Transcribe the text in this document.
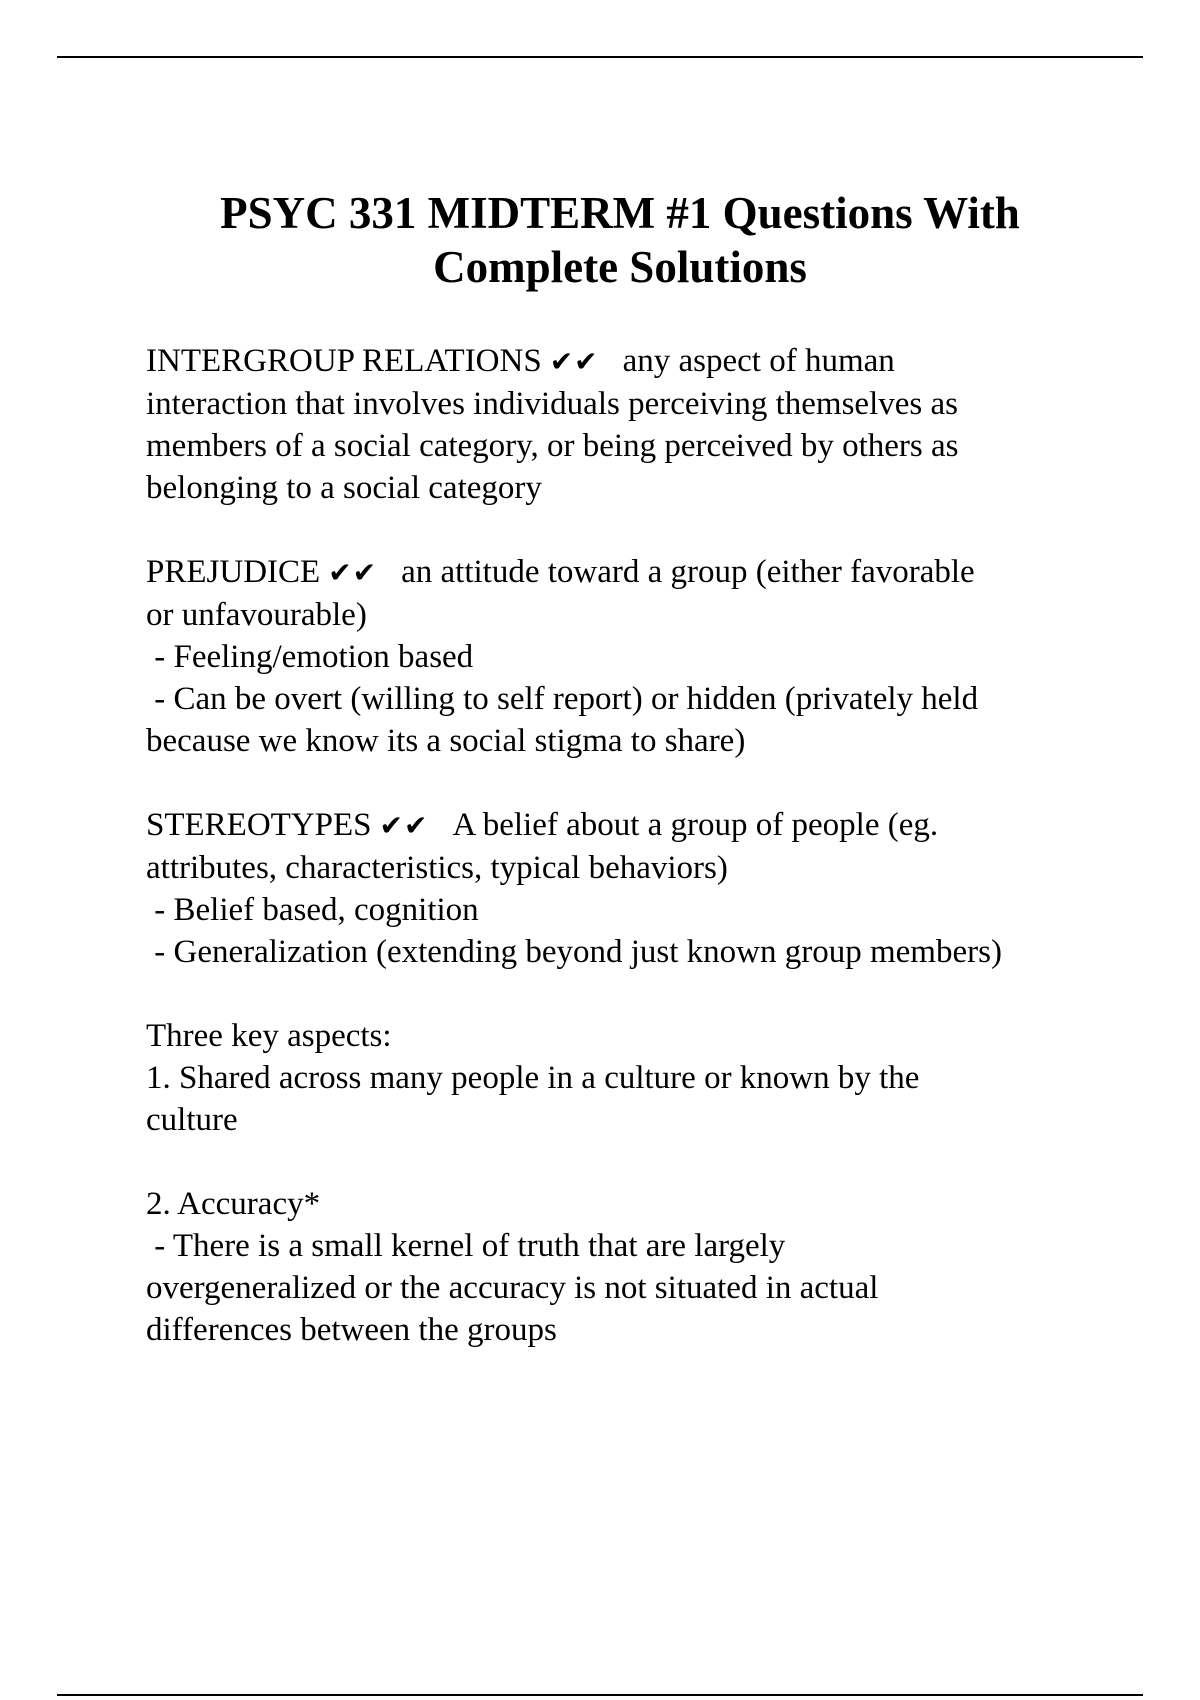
PSYC 331 MIDTERM #1 Questions With
Complete Solutions
INTERGROUP RELATIONS ✔✔ any aspect of human
interaction that involves individuals perceiving themselves as
members of a social category, or being perceived by others as
belonging to a social category
PREJUDICE ✔✔ an attitude toward a group (either favorable
or unfavourable)
- Feeling/emotion based
- Can be overt (willing to self report) or hidden (privately held
because we know its a social stigma to share)
STEREOTYPES ✔✔ A belief about a group of people (eg.
attributes, characteristics, typical behaviors)
- Belief based, cognition
- Generalization (extending beyond just known group members)
Three key aspects:
1. Shared across many people in a culture or known by the
culture
2. Accuracy*
- There is a small kernel of truth that are largely
overgeneralized or the accuracy is not situated in actual
differences between the groups
